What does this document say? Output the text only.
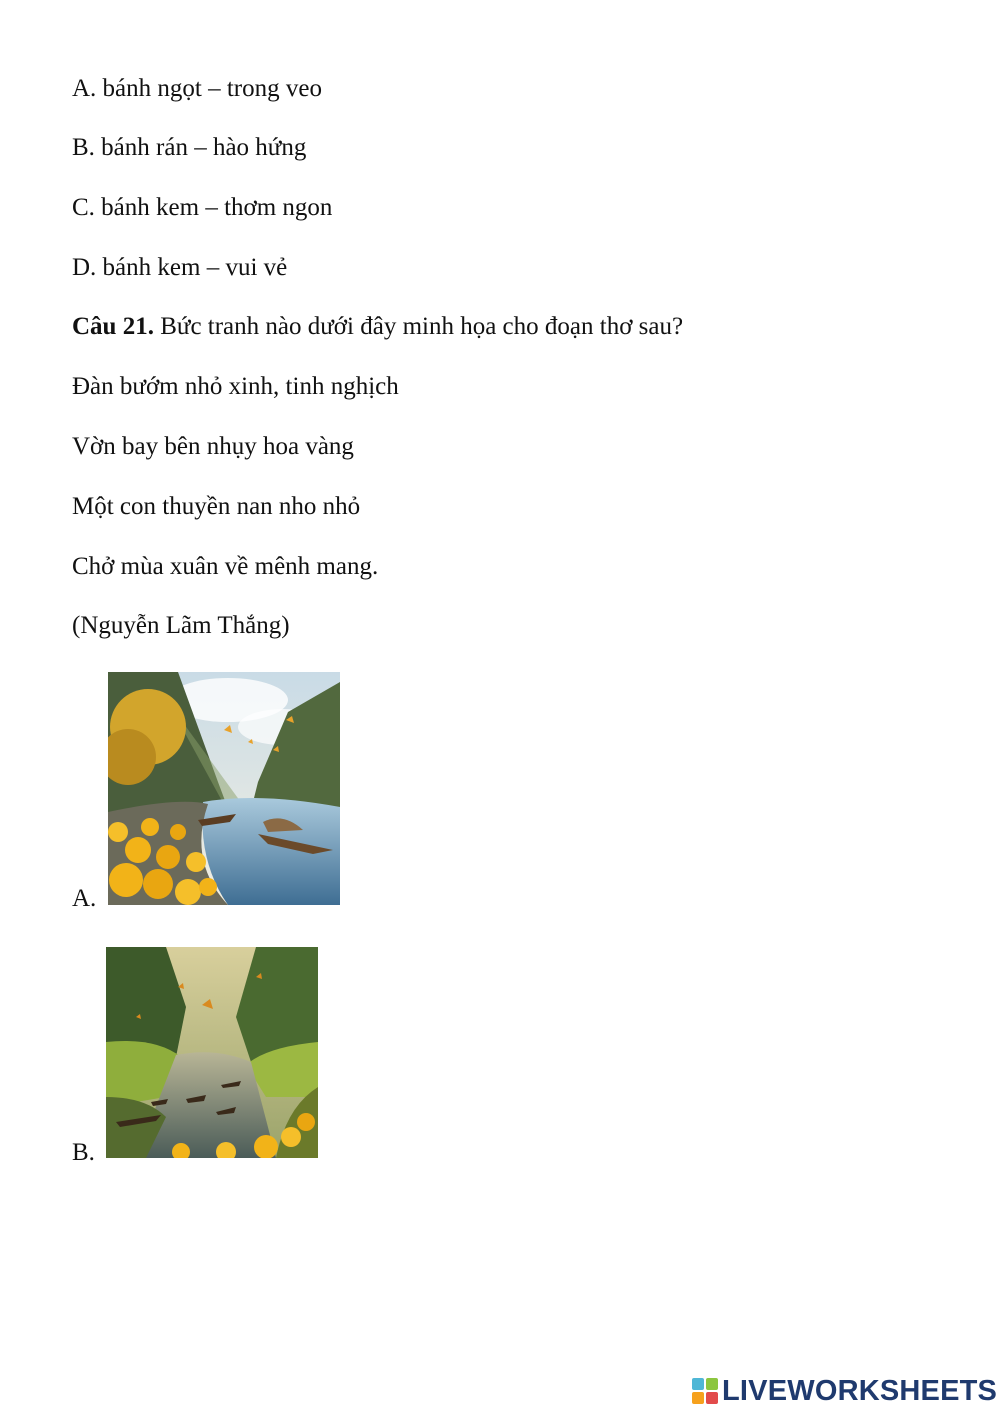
A. bánh ngọt – trong veo

B. bánh rán – hào hứng

C. bánh kem – thơm ngon

D. bánh kem – vui vẻ

Câu 21. Bức tranh nào dưới đây minh họa cho đoạn thơ sau?

Đàn bướm nhỏ xinh, tinh nghịch

Vờn bay bên nhụy hoa vàng

Một con thuyền nan nho nhỏ

Chở mùa xuân về mênh mang.

(Nguyễn Lãm Thắng)

A.
B.
LIVEWORKSHEETS
